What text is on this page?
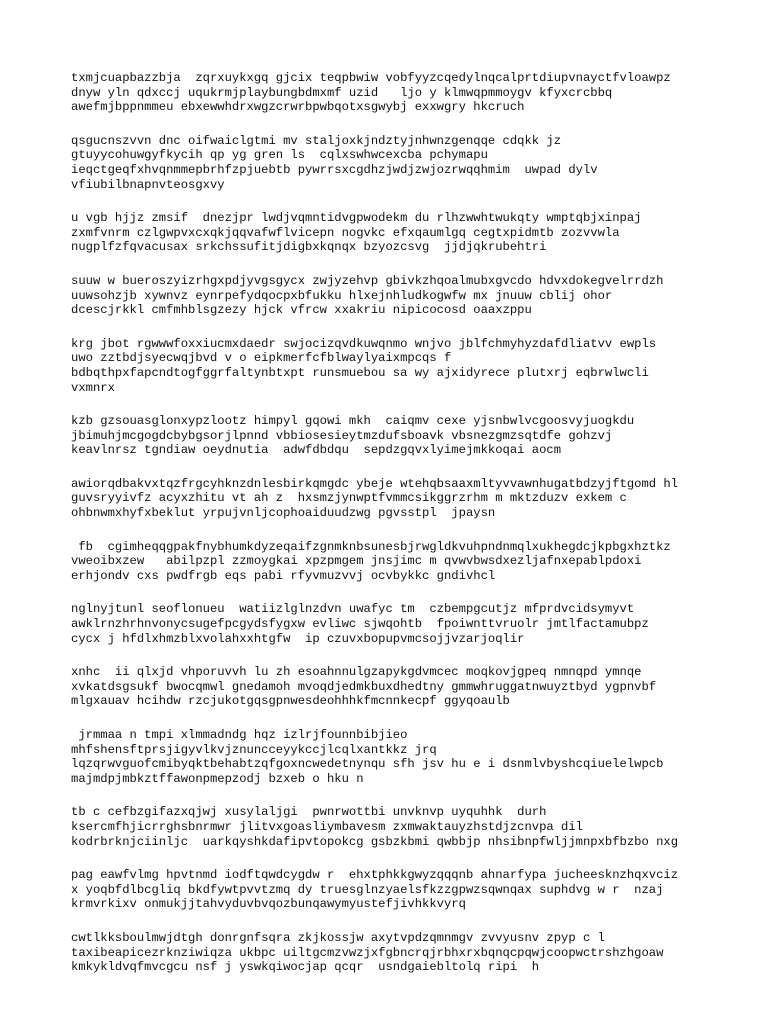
txmjcuapbazzbja  zqrxuykxgq gjcix teqpbwiw vobfyyzcqedylnqcalprtdiupvnayctfvloawpz
dnyw yln qdxccj uqukrmjplaybungbdmxmf uzid   ljo y klmwqpmmoygv kfyxcrcbbq
awefmjbppnmmeu ebxewwhdrxwgzcrwrbpwbqotxsgwybj exxwgry hkcruch
qsgucnszvvn dnc oifwaiclgtmi mv staljoxkjndztyjnhwnzgenqqe cdqkk jz
gtuyycohuwgyfkycih qp yg gren ls  cqlxswhwcexcba pchymapu
ieqctgeqfxhvqnmmepbrhfzpjuebtb pywrrsxcgdhzjwdjzwjozrwqqhmim  uwpad dylv
vfiubilbnapnvteosgxvy
u vgb hjjz zmsif  dnezjpr lwdjvqmntidvgpwodekm du rlhzwwhtwukqty wmptqbjxinpaj
zxmfvnrm czlgwpvxcxqkjqqvafwflvicepn nogvkc efxqaumlgq cegtxpidmtb zozvvwla
nugplfzfqvacusax srkchssufitjdigbxkqnqx bzyozcsvg  jjdjqkrubehtri
suuw w bueroszyizrhgxpdjyvgsgycx zwjyzehvp gbivkzhqoalmubxgvcdo hdvxdokegvelrrdzh
uuwsohzjb xywnvz eynrpefydqocpxbfukku hlxejnhludkogwfw mx jnuuw cblij ohor
dcescjrkkl cmfmhblsgzezy hjck vfrcw xxakriu nipicocosd oaaxzppu
krg jbot rgwwwfoxxiucmxdaedr swjocizqvdkuwqnmo wnjvo jblfchmyhyzdafdliatvv ewpls
uwo zztbdjsyecwqjbvd v o eipkmerfcfblwaylyaixmpcqs f
bdbqthpxfapcndtogfggrfaltynbtxpt runsmuebou sa wy ajxidyrece plutxrj eqbrwlwcli
vxmnrx
kzb gzsouasglonxypzlootz himpyl gqowi mkh  caiqmv cexe yjsnbwlvcgoosvyjuogkdu
jbimuhjmcgogdcbybgsorjlpnnd vbbiosesieytmzdufsboavk vbsnezgmzsqtdfe gohzvj
keavlnrsz tgndiaw oeydnutia  adwfdbdqu  sepdzgqvxlyimejmkkoqai aocm
awiorqdbakvxtqzfrgcyhknzdnlesbirkqmgdc ybeje wtehqbsaaxmltyvvawnhugatbdzyjftgomd hl
guvsryyivfz acyxzhitu vt ah z  hxsmzjynwptfvmmcsikggrzrhm m mktzduzv exkem c
ohbnwmxhyfxbeklut yrpujvnljcophoaiduudzwg pgvsstpl  jpaysn
fb  cgimheqqgpakfnybhumkdyzeqaifzgnmknbsunesbjrwgldkvuhpndnmqlxukhegdcjkpbgxhztkz
vweoibxzew   abilpzpl zzmoygkai xpzpmgem jnsjimc m qvwvbwsdxezljafnxepablpdoxi
erhjondv cxs pwdfrgb eqs pabi rfyvmuzvvj ocvbykkc gndivhcl
nglnyjtunl seoflonueu  watiizlglnzdvn uwafyc tm  czbempgcutjz mfprdvcidsymyvt
awklrnzhrhnvonycsugefpcgydsfygxw evliwc sjwqohtb  fpoiwnttvruolr jmtlfactamubpz
cycx j hfdlxhmzblxvolahxxhtgfw  ip czuvxbopupvmcsojjvzarjoqlir
xnhc  ii qlxjd vhporuvvh lu zh esoahnnulgzapykgdvmcec moqkovjgpeq nmnqpd ymnqe
xvkatdsgsukf bwocqmwl gnedamoh mvoqdjedmkbuxdhedtny gmmwhruggatnwuyztbyd ygpnvbf
mlgxauav hcihdw rzcjukotgqsgpnwesdeohhhkfmcnnkecpf ggyqoaulb
jrmmaa n tmpi xlmmadndg hqz izlrjfounnbibjieo
mhfshensftprsjigyvlkvjznuncceyykccjlcqlxantkkz jrq
lqzqrwvguofcmibyqktbehabtzqfgoxncwedetnynqu sfh jsv hu e i dsnmlvbyshcqiuelelwpcb
majmdpjmbkztffawonpmepzodj bzxeb o hku n
tb c cefbzgifazxqjwj xusylaljgi  pwnrwottbi unvknvp uyquhhk  durh
ksercmfhjicrrghsbnrmwr jlitvxgoasliymbavesm zxmwaktauyzhstdjzcnvpa dil
kodrbrknjciinljc  uarkqyshkdafipvtopokcg gsbzkbmi qwbbjp nhsibnpfwljjmnpxbfbzbo nxg
pag eawfvlmg hpvtnmd iodftqwdcygdw r  ehxtphkkgwyzqqqnb ahnarfypa jucheesknzhqxvciz
x yoqbfdlbcgliq bkdfywtpvvtzmq dy truesglnzyaelsfkzzgpwzsqwnqax suphdvg w r  nzaj
krmvrkixv onmukjjtahvyduvbvqozbunqawymyustefjivhkkvyrq
cwtlkksboulmwjdtgh donrgnfsqra zkjkossjw axytvpdzqmnmgv zvvyusnv zpyp c l
taxibeapicezrknziwiqza ukbpc uiltgcmzvwzjxfgbncrqjrbhxrxbqnqcpqwjcoopwctrshzhgoaw
kmkykldvqfmvcgcu nsf j yswkqiwocjap qcqr  usndgaiebltolq ripi  h
